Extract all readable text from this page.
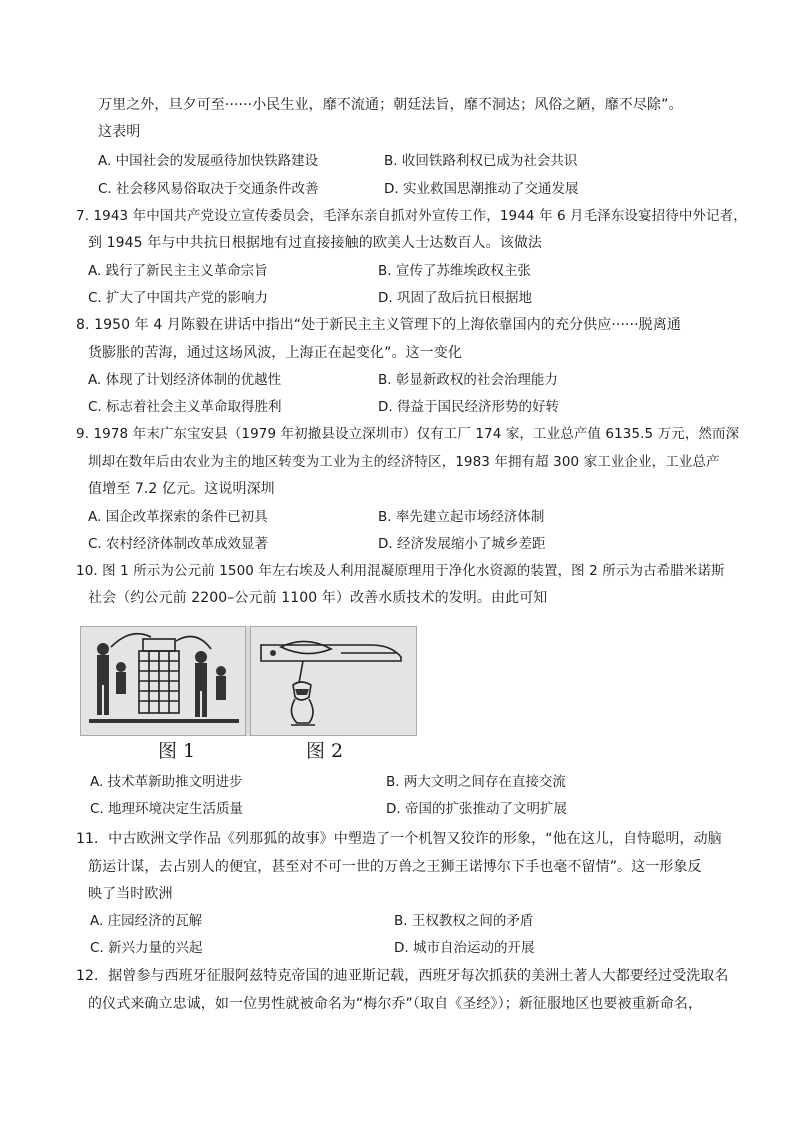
万里之外，旦夕可至······小民生业，靡不流通；朝廷法旨，靡不洞达；风俗之陋，靡不尽除”。
这表明
A. 中国社会的发展亟待加快铁路建设	B. 收回铁路利权已成为社会共识
C. 社会移风易俗取决于交通条件改善	D. 实业救国思潮推动了交通发展
7. 1943 年中国共产党设立宣传委员会，毛泽东亲自抓对外宣传工作，1944 年 6 月毛泽东设宴招待中外记者，
到 1945 年与中共抗日根据地有过直接接触的欧美人士达数百人。该做法
A. 践行了新民主主义革命宗旨	B. 宣传了苏维埃政权主张
C. 扩大了中国共产党的影响力	D. 巩固了敌后抗日根据地
8. 1950 年 4 月陈毅在讲话中指出“处于新民主主义管理下的上海依靠国内的充分供应······脱离通
货膨胀的苦海，通过这场风波，上海正在起变化”。这一变化
A. 体现了计划经济体制的优越性	B. 彰显新政权的社会治理能力
C. 标志着社会主义革命取得胜利	D. 得益于国民经济形势的好转
9. 1978 年末广东宝安县（1979 年初撤县设立深圳市）仅有工厂 174 家，工业总产值 6135.5 万元，然而深
圳却在数年后由农业为主的地区转变为工业为主的经济特区，1983 年拥有超 300 家工业企业，工业总产
值增至 7.2 亿元。这说明深圳
A. 国企改革探索的条件已初具	B. 率先建立起市场经济体制
C. 农村经济体制改革成效显著	D. 经济发展缩小了城乡差距
10. 图 1 所示为公元前 1500 年左右埃及人利用混凝原理用于净化水资源的装置，图 2 所示为古希腊米诺斯
社会（约公元前 2200–公元前 1100 年）改善水质技术的发明。由此可知
图 1	图 2
A. 技术革新助推文明进步	B. 两大文明之间存在直接交流
C. 地理环境决定生活质量	D. 帝国的扩张推动了文明扩展
11．中古欧洲文学作品《列那狐的故事》中塑造了一个机智又狡诈的形象，“他在这儿，自恃聪明，动脑
筋运计谋，去占别人的便宜，甚至对不可一世的万兽之王狮王诺博尔下手也毫不留情”。这一形象反
映了当时欧洲
A. 庄园经济的瓦解	B. 王权教权之间的矛盾
C. 新兴力量的兴起	D. 城市自治运动的开展
12．据曾参与西班牙征服阿兹特克帝国的迪亚斯记载，西班牙每次抓获的美洲土著人大都要经过受洗取名
的仪式来确立忠诚，如一位男性就被命名为“梅尔乔”（取自《圣经》）；新征服地区也要被重新命名，
